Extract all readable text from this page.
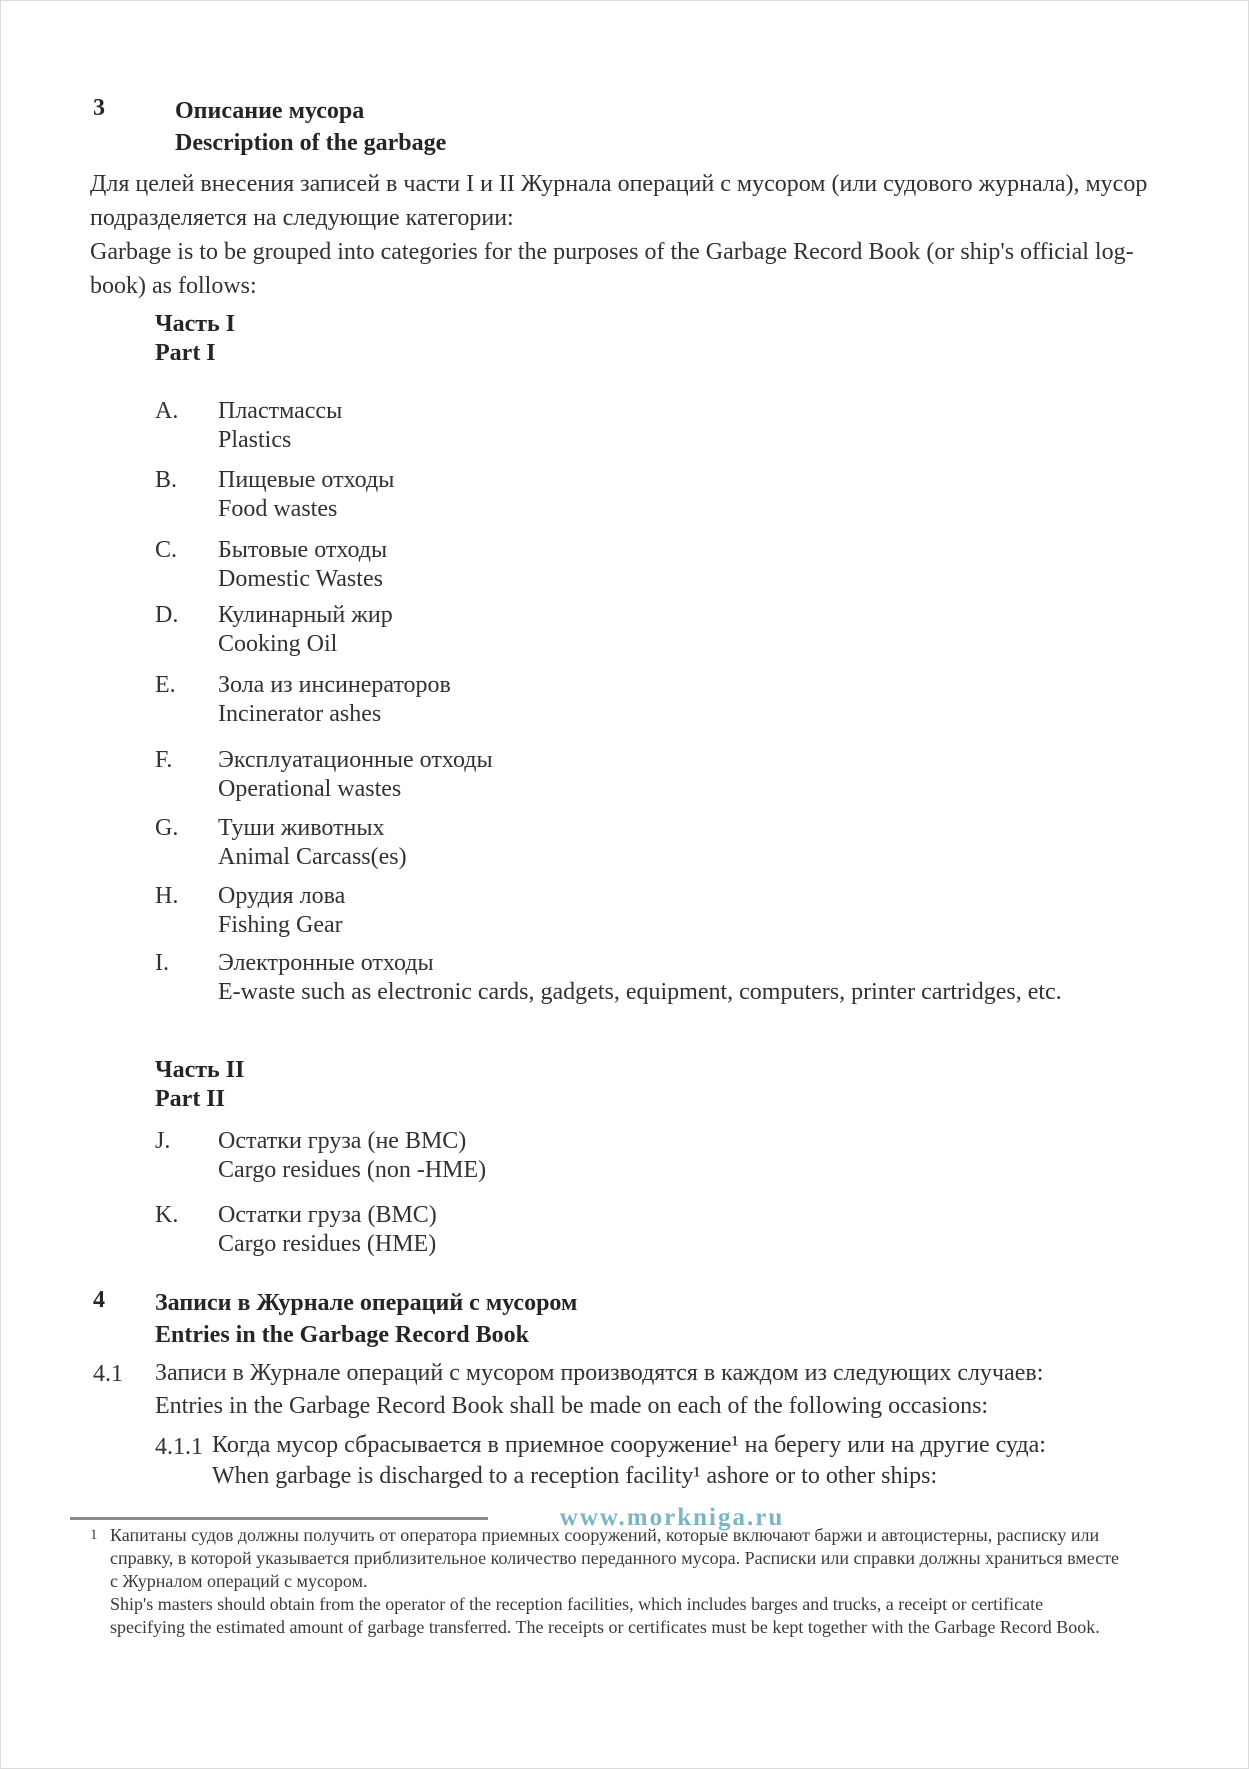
3	Описание мусора
Description of the garbage
Для целей внесения записей в части I и II Журнала операций с мусором (или судового журнала), мусор подразделяется на следующие категории:
Garbage is to be grouped into categories for the purposes of the Garbage Record Book (or ship's official log-book) as follows:
Часть I
Part I
A. Пластмассы
Plastics
B. Пищевые отходы
Food wastes
C. Бытовые отходы
Domestic Wastes
D. Кулинарный жир
Cooking Oil
E. Зола из инсинераторов
Incinerator ashes
F. Эксплуатационные отходы
Operational wastes
G. Туши животных
Animal Carcass(es)
H. Орудия лова
Fishing Gear
I. Электронные отходы
E-waste such as electronic cards, gadgets, equipment, computers, printer cartridges, etc.
Часть II
Part II
J. Остатки груза (не ВМС)
Cargo residues (non -HME)
K. Остатки груза (ВМС)
Cargo residues (HME)
4 Записи в Журнале операций с мусором
Entries in the Garbage Record Book
4.1 Записи в Журнале операций с мусором производятся в каждом из следующих случаев:
Entries in the Garbage Record Book shall be made on each of the following occasions:
4.1.1 Когда мусор сбрасывается в приемное сооружение¹ на берегу или на другие суда:
When garbage is discharged to a reception facility¹ ashore or to other ships:
www.morkniga.ru
1 Капитаны судов должны получить от оператора приемных сооружений, которые включают баржи и автоцистерны, расписку или справку, в которой указывается приблизительное количество переданного мусора. Расписки или справки должны храниться вместе с Журналом операций с мусором.
Ship's masters should obtain from the operator of the reception facilities, which includes barges and trucks, a receipt or certificate specifying the estimated amount of garbage transferred. The receipts or certificates must be kept together with the Garbage Record Book.
